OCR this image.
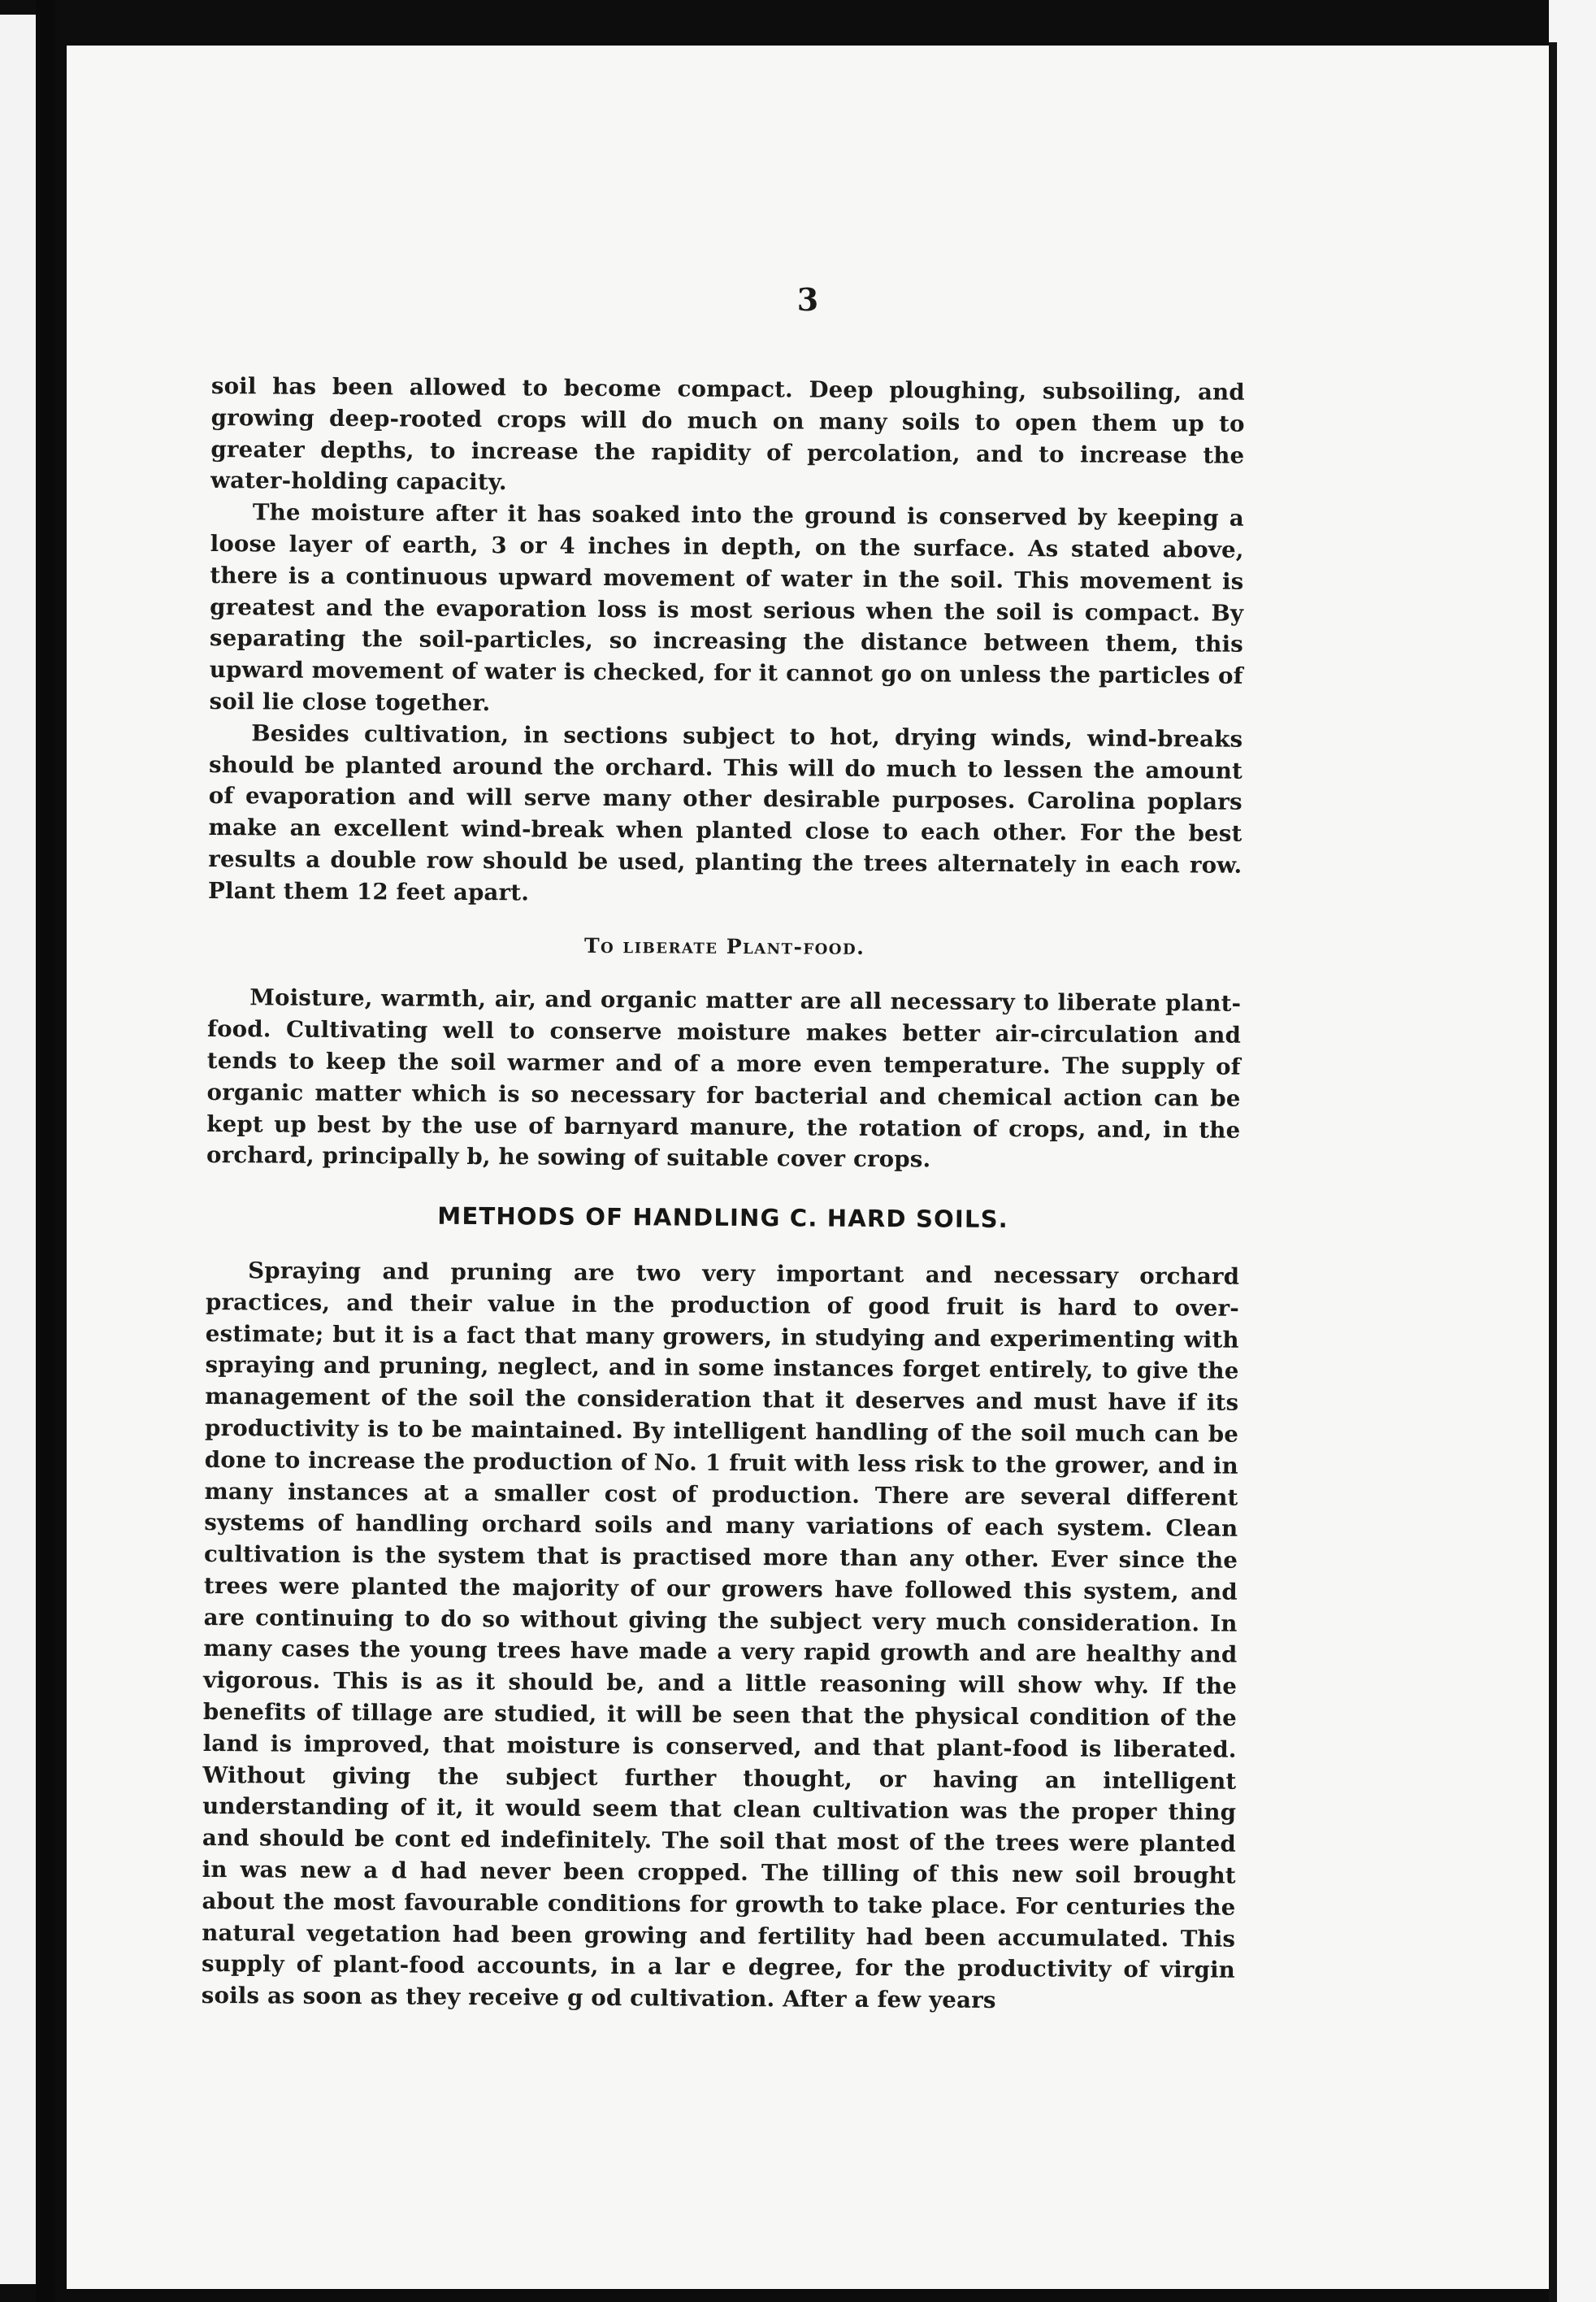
3

soil has been allowed to become compact. Deep ploughing, subsoiling, and growing deep-rooted crops will do much on many soils to open them up to greater depths, to increase the rapidity of percolation, and to increase the water-holding capacity.

The moisture after it has soaked into the ground is conserved by keeping a loose layer of earth, 3 or 4 inches in depth, on the surface. As stated above, there is a continuous upward movement of water in the soil. This movement is greatest and the evaporation loss is most serious when the soil is compact. By separating the soil-particles, so increasing the distance between them, this upward movement of water is checked, for it cannot go on unless the particles of soil lie close together.

Besides cultivation, in sections subject to hot, drying winds, wind-breaks should be planted around the orchard. This will do much to lessen the amount of evaporation and will serve many other desirable purposes. Carolina poplars make an excellent wind-break when planted close to each other. For the best results a double row should be used, planting the trees alternately in each row. Plant them 12 feet apart.

To liberate Plant-food.

Moisture, warmth, air, and organic matter are all necessary to liberate plant-food. Cultivating well to conserve moisture makes better air-circulation and tends to keep the soil warmer and of a more even temperature. The supply of organic matter which is so necessary for bacterial and chemical action can be kept up best by the use of barnyard manure, the rotation of crops, and, in the orchard, principally b, he sowing of suitable cover crops.

METHODS OF HANDLING C. HARD SOILS.

Spraying and pruning are two very important and necessary orchard practices, and their value in the production of good fruit is hard to over-estimate; but it is a fact that many growers, in studying and experimenting with spraying and pruning, neglect, and in some instances forget entirely, to give the management of the soil the consideration that it deserves and must have if its productivity is to be maintained. By intelligent handling of the soil much can be done to increase the production of No. 1 fruit with less risk to the grower, and in many instances at a smaller cost of production. There are several different systems of handling orchard soils and many variations of each system. Clean cultivation is the system that is practised more than any other. Ever since the trees were planted the majority of our growers have followed this system, and are continuing to do so without giving the subject very much consideration. In many cases the young trees have made a very rapid growth and are healthy and vigorous. This is as it should be, and a little reasoning will show why. If the benefits of tillage are studied, it will be seen that the physical condition of the land is improved, that moisture is conserved, and that plant-food is liberated. Without giving the subject further thought, or having an intelligent understanding of it, it would seem that clean cultivation was the proper thing and should be cont ed indefinitely. The soil that most of the trees were planted in was new a d had never been cropped. The tilling of this new soil brought about the most favourable conditions for growth to take place. For centuries the natural vegetation had been growing and fertility had been accumulated. This supply of plant-food accounts, in a lar e degree, for the productivity of virgin soils as soon as they receive g od cultivation. After a few years
